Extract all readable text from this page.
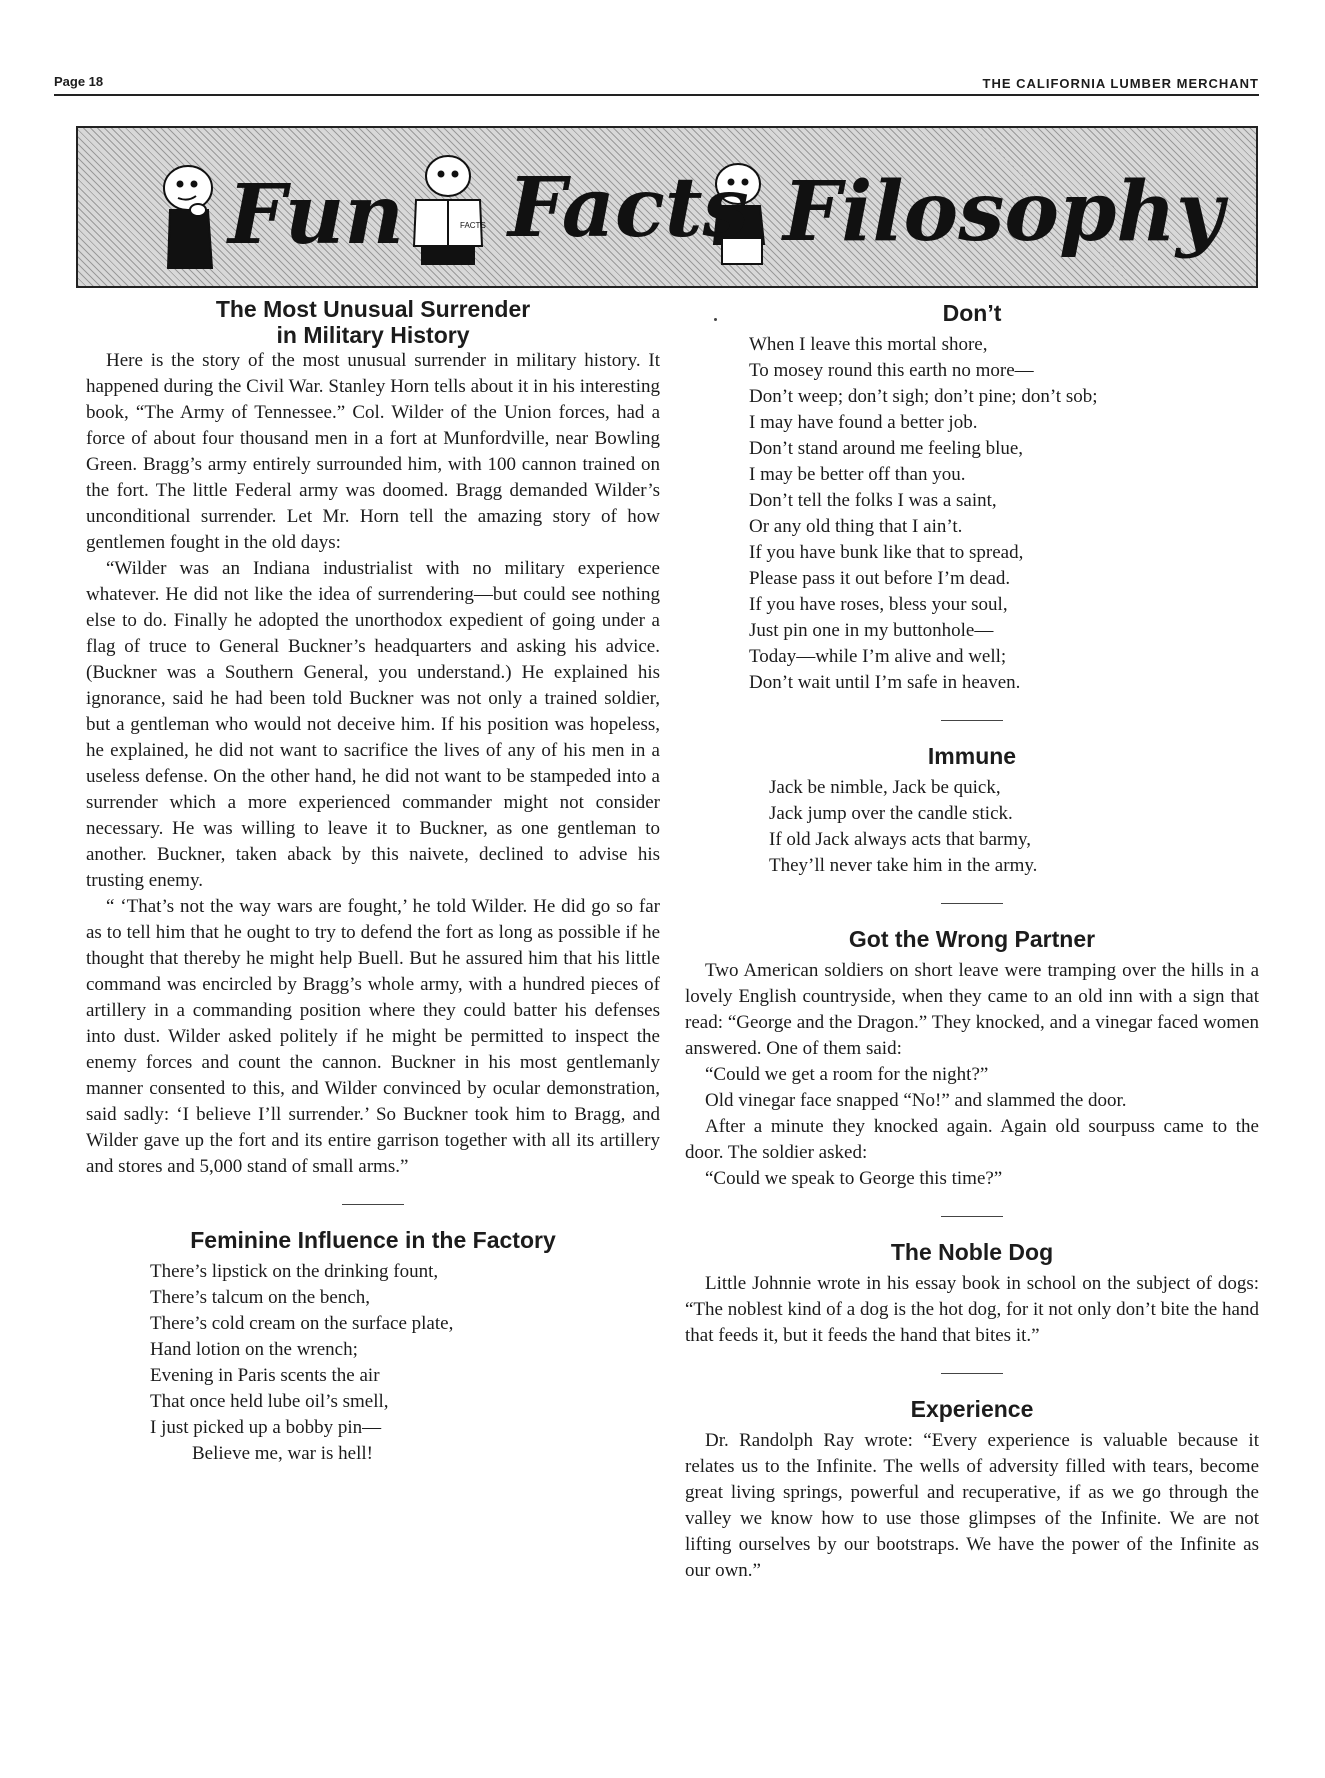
Page 18	THE CALIFORNIA LUMBER MERCHANT
FACTS
Fun Facts Filosophy
The Most Unusual Surrender
in Military History

Here is the story of the most unusual surrender in military history. It happened during the Civil War. Stanley Horn tells about it in his interesting book, “The Army of Tennessee.” Col. Wilder of the Union forces, had a force of about four thousand men in a fort at Munfordville, near Bowling Green. Bragg’s army entirely surrounded him, with 100 cannon trained on the fort. The little Federal army was doomed. Bragg demanded Wilder’s unconditional surrender. Let Mr. Horn tell the amazing story of how gentlemen fought in the old days:

“Wilder was an Indiana industrialist with no military experience whatever. He did not like the idea of surrendering—but could see nothing else to do. Finally he adopted the unorthodox expedient of going under a flag of truce to General Buckner’s headquarters and asking his advice. (Buckner was a Southern General, you understand.) He explained his ignorance, said he had been told Buckner was not only a trained soldier, but a gentleman who would not deceive him. If his position was hopeless, he explained, he did not want to sacrifice the lives of any of his men in a useless defense. On the other hand, he did not want to be stampeded into a surrender which a more experienced commander might not consider necessary. He was willing to leave it to Buckner, as one gentleman to another. Buckner, taken aback by this naivete, declined to advise his trusting enemy.

“ ‘That’s not the way wars are fought,’ he told Wilder. He did go so far as to tell him that he ought to try to defend the fort as long as possible if he thought that thereby he might help Buell. But he assured him that his little command was encircled by Bragg’s whole army, with a hundred pieces of artillery in a commanding position where they could batter his defenses into dust. Wilder asked politely if he might be permitted to inspect the enemy forces and count the cannon. Buckner in his most gentlemanly manner consented to this, and Wilder convinced by ocular demonstration, said sadly: ‘I believe I’ll surrender.’ So Buckner took him to Bragg, and Wilder gave up the fort and its entire garrison together with all its artillery and stores and 5,000 stand of small arms.”

Feminine Influence in the Factory
There’s lipstick on the drinking fount,
There’s talcum on the bench,
There’s cold cream on the surface plate,
Hand lotion on the wrench;
Evening in Paris scents the air
That once held lube oil’s smell,
I just picked up a bobby pin—
Believe me, war is hell!
Don’t
When I leave this mortal shore,
To mosey round this earth no more—
Don’t weep; don’t sigh; don’t pine; don’t sob;
I may have found a better job.
Don’t stand around me feeling blue,
I may be better off than you.
Don’t tell the folks I was a saint,
Or any old thing that I ain’t.
If you have bunk like that to spread,
Please pass it out before I’m dead.
If you have roses, bless your soul,
Just pin one in my buttonhole—
Today—while I’m alive and well;
Don’t wait until I’m safe in heaven.
Immune
Jack be nimble, Jack be quick,
Jack jump over the candle stick.
If old Jack always acts that barmy,
They’ll never take him in the army.
Got the Wrong Partner

Two American soldiers on short leave were tramping over the hills in a lovely English countryside, when they came to an old inn with a sign that read: “George and the Dragon.” They knocked, and a vinegar faced women answered. One of them said:

“Could we get a room for the night?”

Old vinegar face snapped “No!” and slammed the door.

After a minute they knocked again. Again old sourpuss came to the door. The soldier asked:

“Could we speak to George this time?”

The Noble Dog

Little Johnnie wrote in his essay book in school on the subject of dogs: “The noblest kind of a dog is the hot dog, for it not only don’t bite the hand that feeds it, but it feeds the hand that bites it.”

Experience

Dr. Randolph Ray wrote: “Every experience is valuable because it relates us to the Infinite. The wells of adversity filled with tears, become great living springs, powerful and recuperative, if as we go through the valley we know how to use those glimpses of the Infinite. We are not lifting ourselves by our bootstraps. We have the power of the Infinite as our own.”
